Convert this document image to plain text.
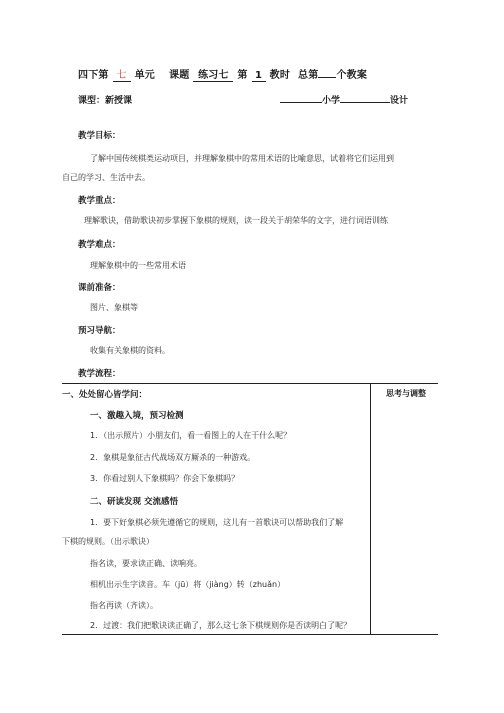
四下第 七 单元 课题 练习七 第 1 教时 总第 个教案
课型：新授课	小学	设计
教学目标：
了解中国传统棋类运动项目，并理解象棋中的常用术语的比喻意思，试着将它们运用到
自己的学习、生活中去。
教学重点：
理解歌诀，借助歌诀初步掌握下象棋的规则，读一段关于胡荣华的文字，进行词语训练
教学难点：
理解象棋中的一些常用术语
课前准备：
图片、象棋等
预习导航：
收集有关象棋的资料。
教学流程：
思考与调整
一、处处留心皆学问：
一、激趣入境，预习检测
1．（出示照片）小朋友们，看一看图上的人在干什么呢？
2．象棋是象征古代战场双方厮杀的一种游戏。
3．你看过别人下象棋吗？你会下象棋吗？
二、研读发现 交流感悟
1．要下好象棋必须先遵循它的规则，这儿有一首歌诀可以帮助我们了解
下棋的规则。（出示歌诀）
指名读，要求读正确、读响亮。
相机出示生字读音。车（jū）将（jiàng）转（zhuǎn）
指名再读（齐读）。
2．过渡：我们把歌诀读正确了，那么这七条下棋规则你是否读明白了呢？
